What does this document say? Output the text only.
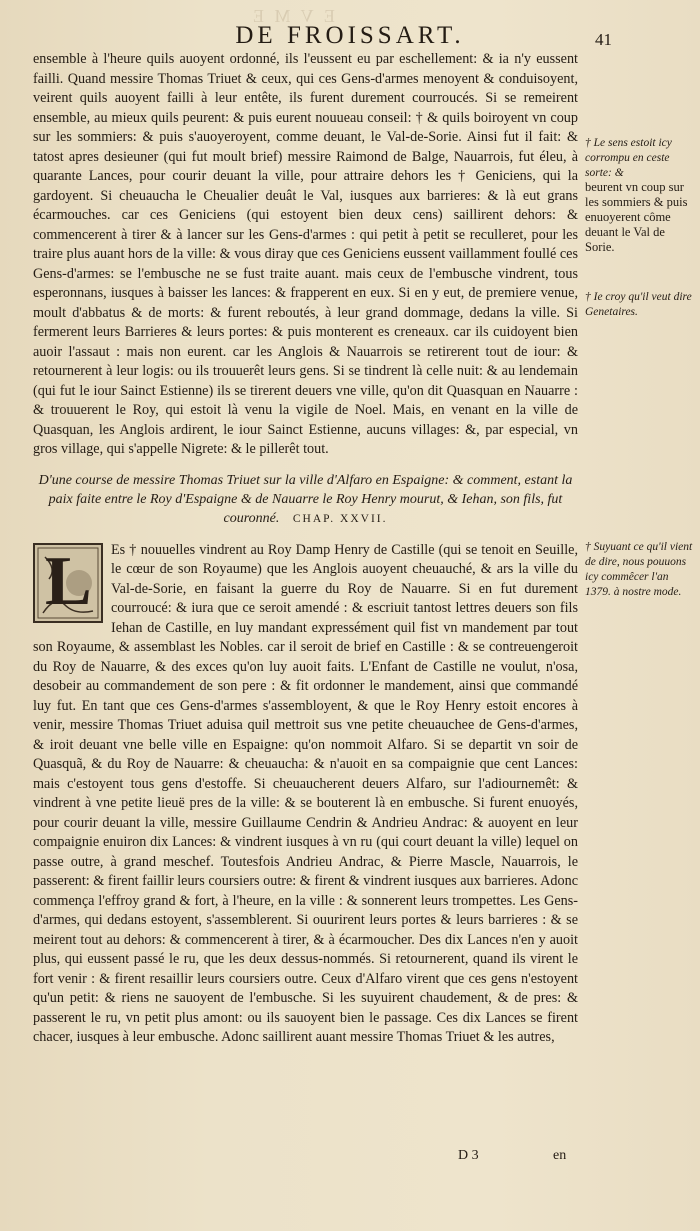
E V M E
DE FROISSART.	41

ensemble à l'heure quils auoyent ordonné, ils l'eussent eu par eschellement: & ia n'y eussent failli. Quand messire Thomas Triuet & ceux, qui ces Gens-d'armes menoyent & conduisoyent, veirent quils auoyent failli à leur entête, ils furent durement courroucés. Si se remeirent ensemble, au mieux quils peurent: & puis eurent nouueau conseil: † & quils boiroyent vn coup sur les sommiers: & puis s'auoyeroyent, comme deuant, le Val-de-Sorie. Ainsi fut il fait: & tatost apres desieuner (qui fut moult brief) messire Raimond de Balge, Nauarrois, fut éleu, à quarante Lances, pour courir deuant la ville, pour attraire dehors les † Geniciens, qui la gardoyent. Si cheuaucha le Cheualier deuât le Val, iusques aux barrieres: & là eut grans écarmouches. car ces Geniciens (qui estoyent bien deux cens) saillirent dehors: & commencerent à tirer & à lancer sur les Gens-d'armes : qui petit à petit se reculleret, pour les traire plus auant hors de la ville: & vous diray que ces Geniciens eussent vaillamment foullé ces Gens-d'armes: se l'embusche ne se fust traite auant. mais ceux de l'embusche vindrent, tous esperonnans, iusques à baisser les lances: & frapperent en eux. Si en y eut, de premiere venue, moult d'abbatus & de morts: & furent reboutés, à leur grand dommage, dedans la ville. Si fermerent leurs Barrieres & leurs portes: & puis monterent es creneaux. car ils cuidoyent bien auoir l'assaut : mais non eurent. car les Anglois & Nauarrois se retirerent tout de iour: & retournerent à leur logis: ou ils trouuerêt leurs gens. Si se tindrent là celle nuit: & au lendemain (qui fut le iour Sainct Estienne) ils se tirerent deuers vne ville, qu'on dit Quasquan en Nauarre : & trouuerent le Roy, qui estoit là venu la vigile de Noel. Mais, en venant en la ville de Quasquan, les Anglois ardirent, le iour Sainct Estienne, aucuns villages: &, par especial, vn gros village, qui s'appelle Nigrete: & le pillerêt tout.

D'une course de messire Thomas Triuet sur la ville d'Alfaro en Espaigne: & comment, estant la paix faite entre le Roy d'Espaigne & de Nauarre le Roy Henry mourut, & Iehan, son fils, fut couronné. CHAP. XXVII.
L	Es † nouuelles vindrent au Roy Damp Henry de Castille (qui se tenoit en Seuille, le cœur de son Royaume) que les Anglois auoyent cheuauché, & ars la ville du Val-de-Sorie, en faisant la guerre du Roy de Nauarre. Si en fut durement courroucé: & iura que ce seroit amendé : & escriuit tantost lettres deuers son fils Iehan de Castille, en luy mandant expressément quil fist vn mandement par tout son Royaume, & assemblast les Nobles. car il seroit de brief en Castille : & se contreuengeroit du Roy de Nauarre, & des exces qu'on luy auoit faits. L'Enfant de Castille ne voulut, n'osa, desobeir au commandement de son pere : & fit ordonner le mandement, ainsi que commandé luy fut. En tant que ces Gens-d'armes s'assembloyent, & que le Roy Henry estoit encores à venir, messire Thomas Triuet aduisa quil mettroit sus vne petite cheuauchee de Gens-d'armes, & iroit deuant vne belle ville en Espaigne: qu'on nommoit Alfaro. Si se departit vn soir de Quasquã, & du Roy de Nauarre: & cheuaucha: & n'auoit en sa compaignie que cent Lances: mais c'estoyent tous gens d'estoffe. Si cheuaucherent deuers Alfaro, sur l'adiournemêt: & vindrent à vne petite lieuë pres de la ville: & se bouterent là en embusche. Si furent enuoyés, pour courir deuant la ville, messire Guillaume Cendrin & Andrieu Andrac: & auoyent en leur compaignie enuiron dix Lances: & vindrent iusques à vn ru (qui court deuant la ville) lequel on passe outre, à grand meschef. Toutesfois Andrieu Andrac, & Pierre Mascle, Nauarrois, le passerent: & firent faillir leurs coursiers outre: & firent & vindrent iusques aux barrieres. Adonc commença l'effroy grand & fort, à l'heure, en la ville : & sonnerent leurs trompettes. Les Gens-d'armes, qui dedans estoyent, s'assemblerent. Si ouurirent leurs portes & leurs barrieres : & se meirent tout au dehors: & commencerent à tirer, & à écarmoucher. Des dix Lances n'en y auoit plus, qui eussent passé le ru, que les deux dessus-nommés. Si retournerent, quand ils virent le fort venir : & firent resaillir leurs coursiers outre. Ceux d'Alfaro virent que ces gens n'estoyent qu'un petit: & riens ne sauoyent de l'embusche. Si les suyuirent chaudement, & de pres: & passerent le ru, vn petit plus amont: ou ils sauoyent bien le passage. Ces dix Lances se firent chacer, iusques à leur embusche. Adonc saillirent auant messire Thomas Triuet & les autres,

† Le sens estoit icy corrompu en ceste sorte: &
beurent vn coup sur les sommiers & puis enuoyerent côme deuant le Val de Sorie.
† Ie croy qu'il veut dire Genetaires.
† Suyuant ce qu'il vient de dire, nous pouuons icy commêcer l'an 1379. à nostre mode.
D 3	en
